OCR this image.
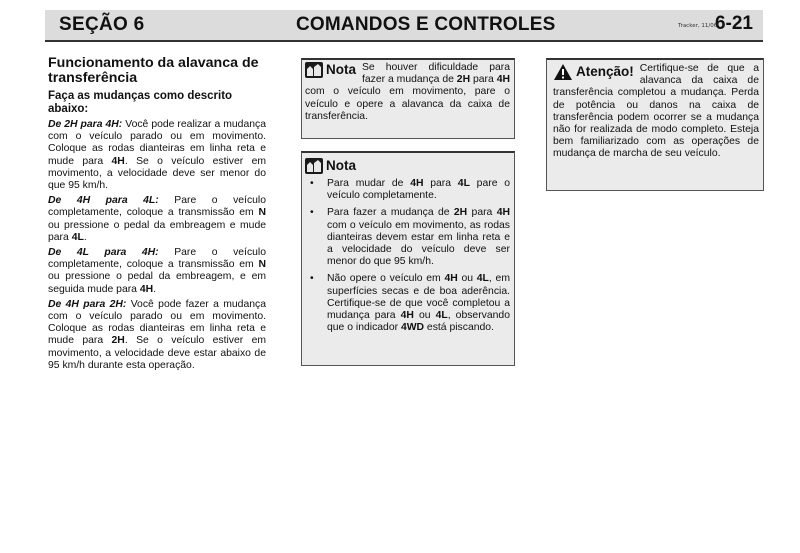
SEÇÃO 6	COMANDOS E CONTROLES	Tracker, 11/06
6-21
Funcionamento da alavanca de transferência
Faça as mudanças como descrito abaixo:

De 2H para 4H: Você pode realizar a mudança com o veículo parado ou em movimento. Coloque as rodas dianteiras em linha reta e mude para 4H. Se o veículo estiver em movimento, a velocidade deve ser menor do que 95 km/h.

De 4H para 4L: Pare o veículo completamente, coloque a transmissão em N ou pressione o pedal da embreagem e mude para 4L.

De 4L para 4H: Pare o veículo completamente, coloque a transmissão em N ou pressione o pedal da embreagem, e em seguida mude para 4H.

De 4H para 2H: Você pode fazer a mudança com o veículo parado ou em movimento. Coloque as rodas dianteiras em linha reta e mude para 2H. Se o veículo estiver em movimento, a velocidade deve estar abaixo de 95 km/h durante esta operação.

Nota Se houver dificuldade para fazer a mudança de 2H para 4H com o veículo em movimento, pare o veículo e opere a alavanca da caixa de transferência.
Nota
• Para mudar de 4H para 4L pare o veículo completamente.
• Para fazer a mudança de 2H para 4H com o veículo em movimento, as rodas dianteiras devem estar em linha reta e a velocidade do veículo deve ser menor do que 95 km/h.
• Não opere o veículo em 4H ou 4L, em superfícies secas e de boa aderência. Certifique-se de que você completou a mudança para 4H ou 4L, observando que o indicador 4WD está piscando.
Atenção! Certifique-se de que a alavanca da caixa de transferência completou a mudança. Perda de potência ou danos na caixa de transferência podem ocorrer se a mudança não for realizada de modo completo. Esteja bem familiarizado com as operações de mudança de marcha de seu veículo.
